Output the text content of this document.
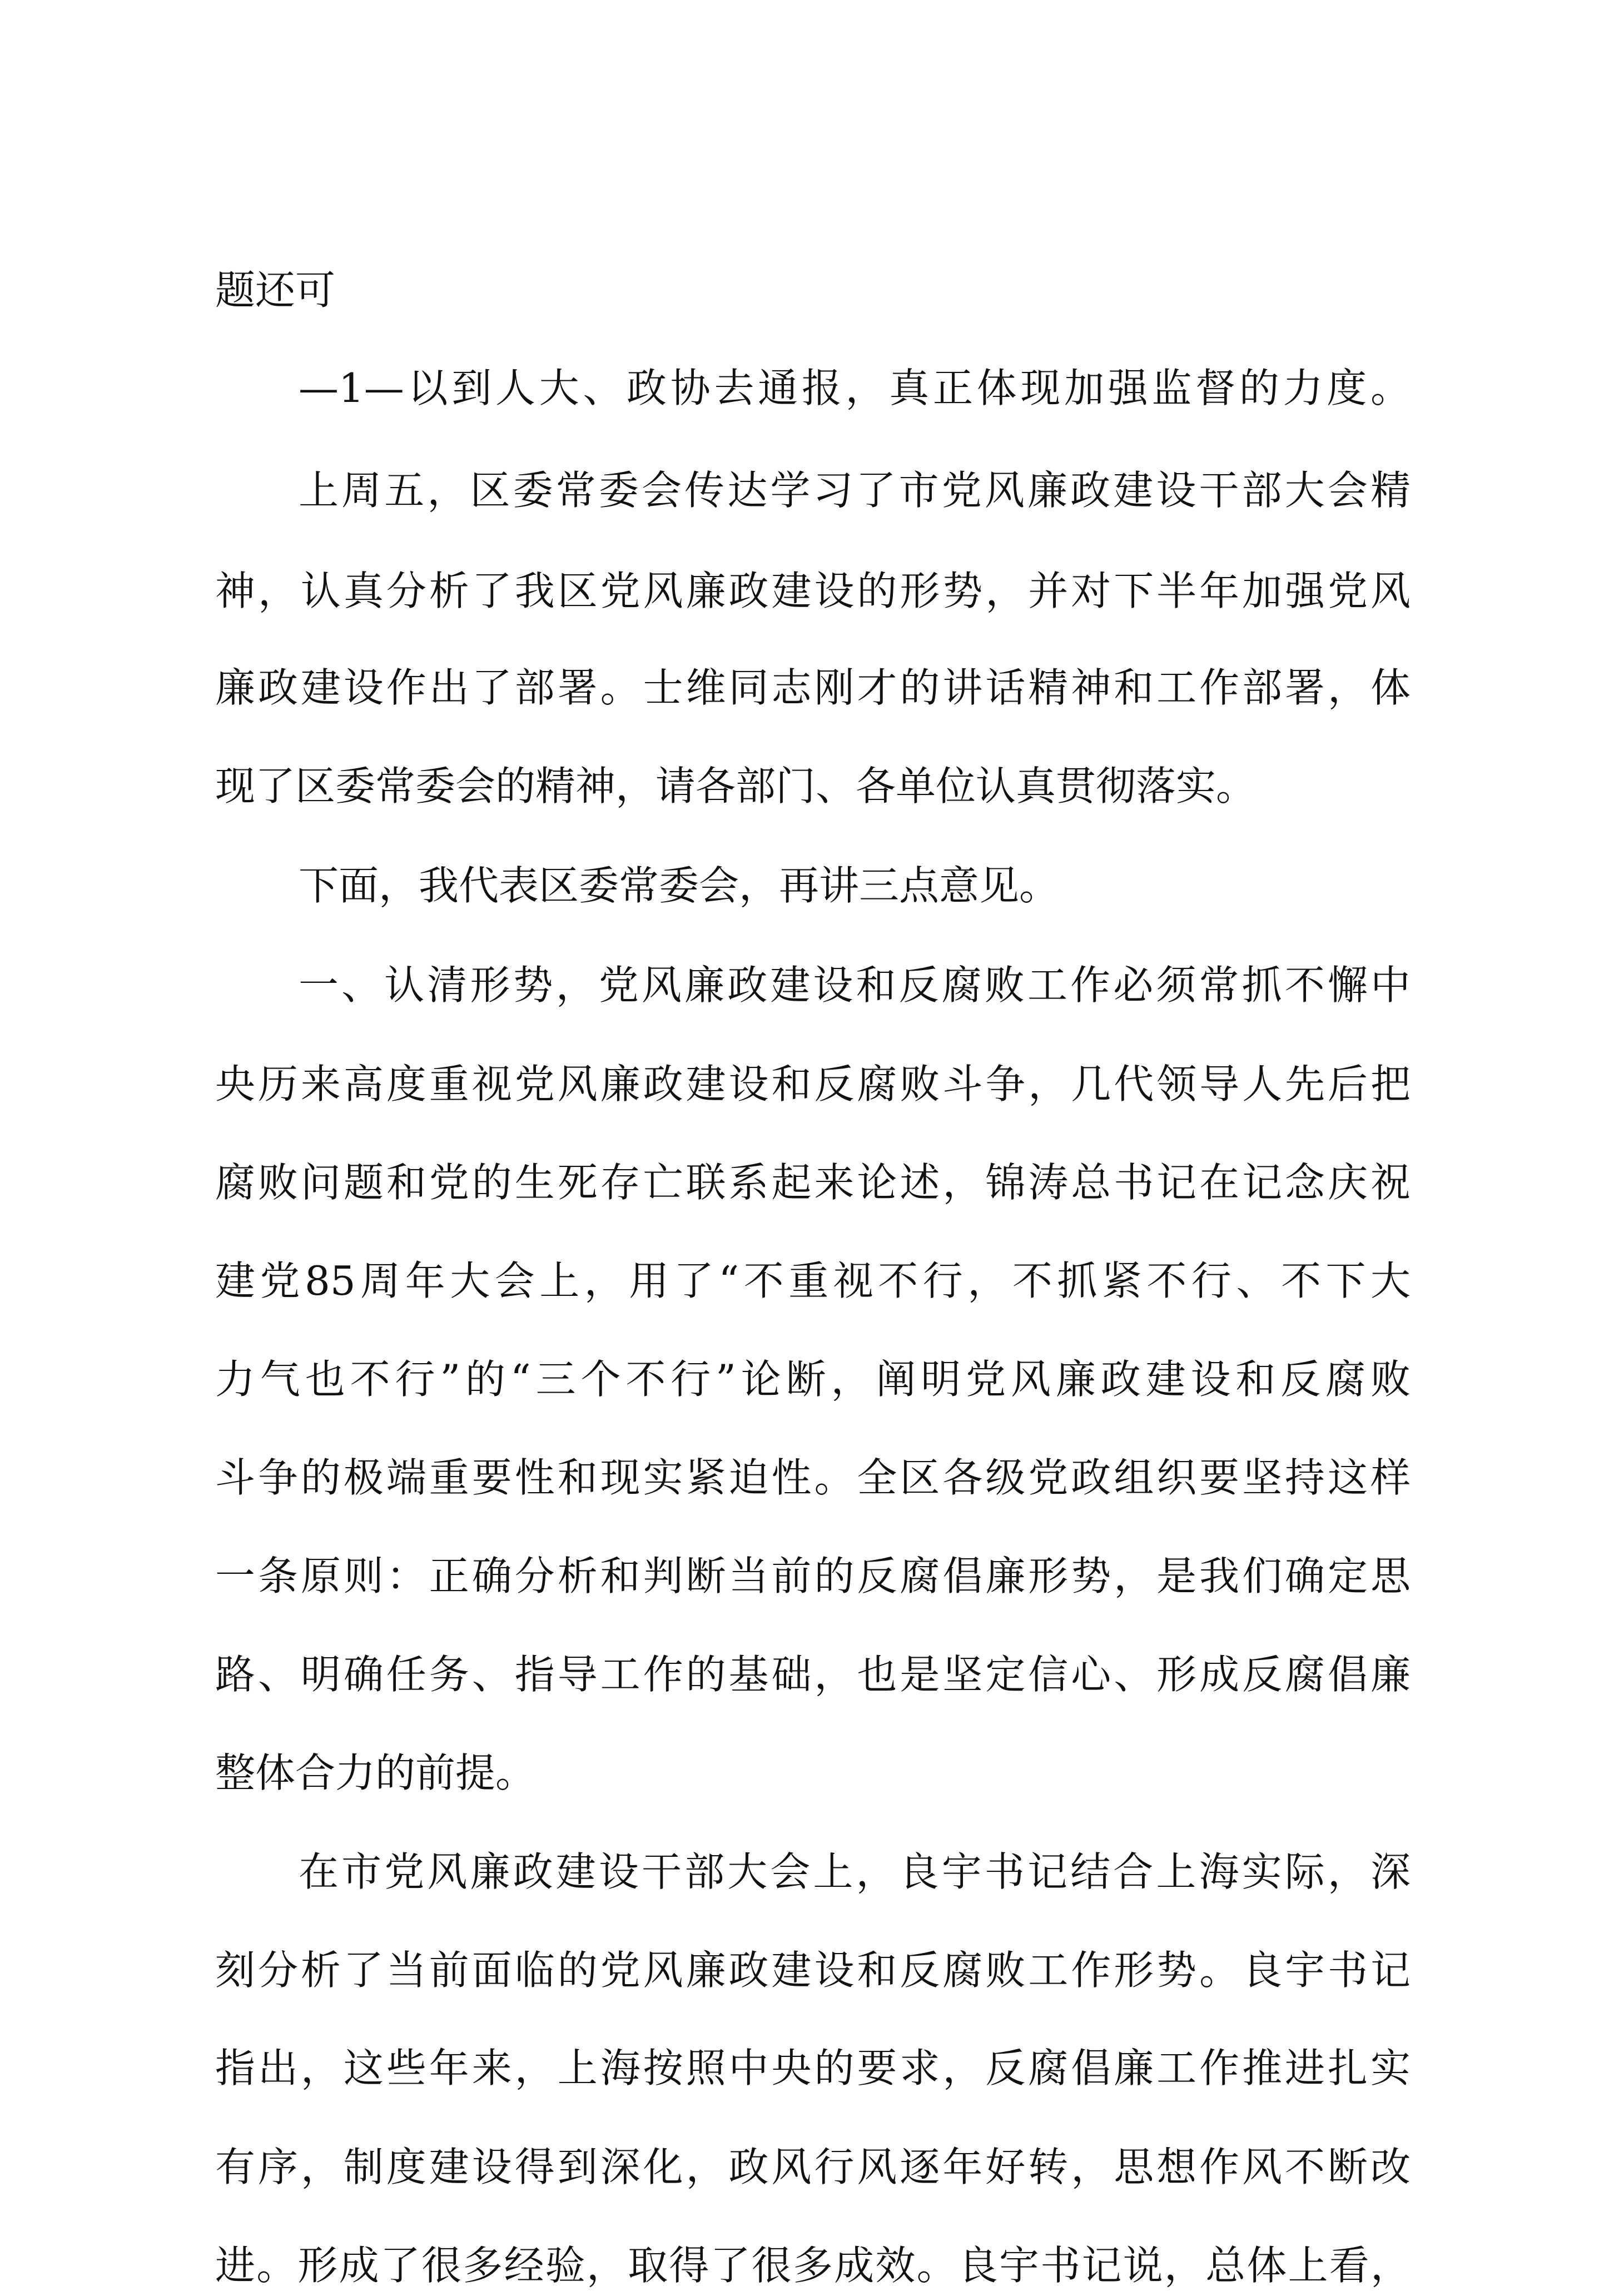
题还可
—1—以到人大、政协去通报，真正体现加强监督的力度。
上周五，区委常委会传达学习了市党风廉政建设干部大会精
神，认真分析了我区党风廉政建设的形势，并对下半年加强党风
廉政建设作出了部署。士维同志刚才的讲话精神和工作部署，体
现了区委常委会的精神，请各部门、各单位认真贯彻落实。
下面，我代表区委常委会，再讲三点意见。
一、认清形势，党风廉政建设和反腐败工作必须常抓不懈中
央历来高度重视党风廉政建设和反腐败斗争，几代领导人先后把
腐败问题和党的生死存亡联系起来论述，锦涛总书记在记念庆祝
建党85周年大会上，用了“不重视不行，不抓紧不行、不下大
力气也不行”的“三个不行”论断，阐明党风廉政建设和反腐败
斗争的极端重要性和现实紧迫性。全区各级党政组织要坚持这样
一条原则：正确分析和判断当前的反腐倡廉形势，是我们确定思
路、明确任务、指导工作的基础，也是坚定信心、形成反腐倡廉
整体合力的前提。
在市党风廉政建设干部大会上，良宇书记结合上海实际，深
刻分析了当前面临的党风廉政建设和反腐败工作形势。良宇书记
指出，这些年来，上海按照中央的要求，反腐倡廉工作推进扎实
有序，制度建设得到深化，政风行风逐年好转，思想作风不断改
进。形成了很多经验，取得了很多成效。良宇书记说，总体上看，
